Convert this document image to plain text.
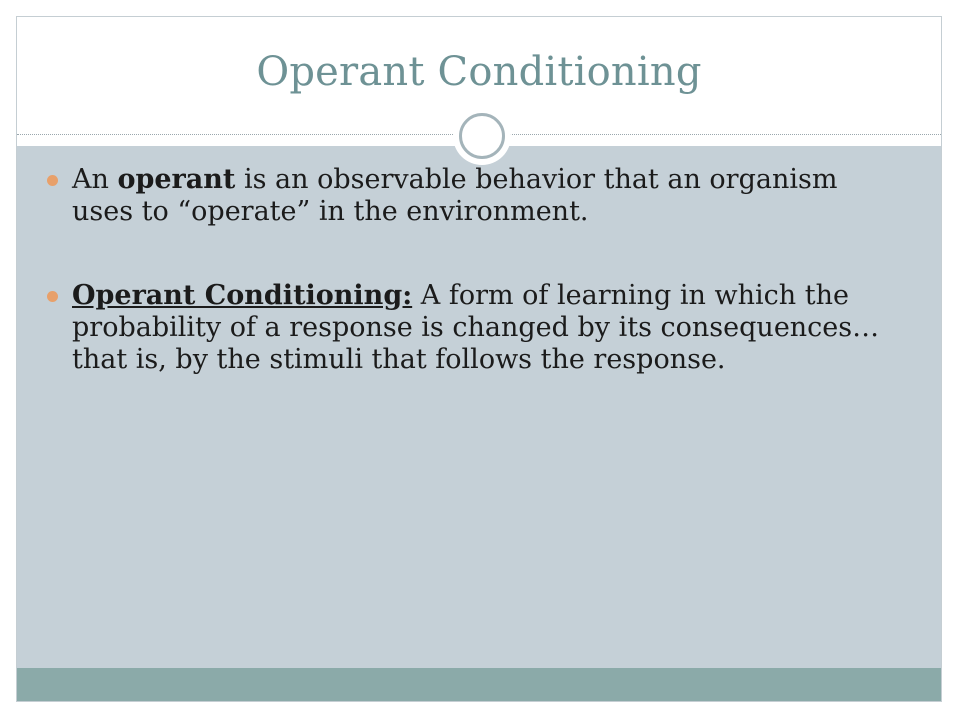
Operant Conditioning
An operant is an observable behavior that an organism uses to “operate” in the environment.
Operant Conditioning: A form of learning in which the probability of a response is changed by its consequences…that is, by the stimuli that follows the response.
